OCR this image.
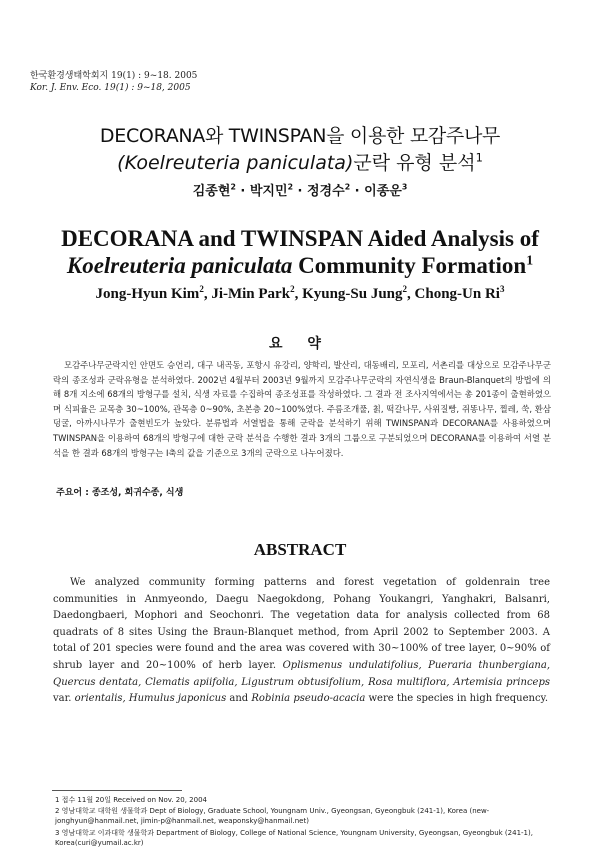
한국환경생태학회지 19(1) : 9~18. 2005
Kor. J. Env. Eco. 19(1) : 9~18, 2005
DECORANA와 TWINSPAN을 이용한 모감주나무
(Koelreuteria paniculata)군락 유형 분석$^1$
김종현$^2$ · 박지민$^2$ · 정경수$^2$ · 이종운$^3$
DECORANA and TWINSPAN Aided Analysis of
Koelreuteria paniculata Community Formation$^1$
Jong-Hyun Kim$^2$, Ji-Min Park$^2$, Kyung-Su Jung$^2$, Chong-Un Ri$^3$
요 약

모감주나무군락지인 안면도 승언리, 대구 내곡동, 포항시 유강리, 양학리, 발산리, 대동배리, 모포리, 서촌리를 대상으로 모감주나무군락의 종조성과 군락유형을 분석하였다. 2002년 4월부터 2003년 9월까지 모감주나무군락의 자연식생을 Braun-Blanquet의 방법에 의해 8개 지소에 68개의 방형구를 설치, 식생 자료를 수집하여 종조성표를 작성하였다. 그 결과 전 조사지역에서는 총 201종이 출현하였으며 식피율은 교목층 30~100%, 관목층 0~90%, 초본층 20~100%였다. 주름조개풀, 칡, 떡갈나무, 사위질빵, 쥐똥나무, 찔레, 쑥, 환삼덩굴, 아까시나무가 출현빈도가 높았다. 분류법과 서열법을 통해 군락을 분석하기 위해 TWINSPAN과 DECORANA를 사용하였으며 TWINSPAN을 이용하여 68개의 방형구에 대한 군락 분석을 수행한 결과 3개의 그룹으로 구분되었으며 DECORANA를 이용하여 서열 분석을 한 결과 68개의 방형구는 I축의 값을 기준으로 3개의 군락으로 나누어졌다.

주요어 : 종조성, 희귀수종, 식생
ABSTRACT

We analyzed community forming patterns and forest vegetation of goldenrain tree communities in Anmyeondo, Daegu Naegokdong, Pohang Youkangri, Yanghakri, Balsanri, Daedongbaeri, Mophori and Seochonri. The vegetation data for analysis collected from 68 quadrats of 8 sites Using the Braun-Blanquet method, from April 2002 to September 2003. A total of 201 species were found and the area was covered with 30~100% of tree layer, 0~90% of shrub layer and 20~100% of herb layer. Oplismenus undulatifolius, Pueraria thunbergiana, Quercus dentata, Clematis apiifolia, Ligustrum obtusifolium, Rosa multiflora, Artemisia princeps var. orientalis, Humulus japonicus and Robinia pseudo-acacia were the species in high frequency.

1 접수 11월 20일 Received on Nov. 20, 2004
2 영남대학교 대학원 생물학과 Dept of Biology, Graduate School, Youngnam Univ., Gyeongsan, Gyeongbuk (241-1), Korea (new-jonghyun@hanmail.net, jimin-p@hanmail.net, weaponsky@hanmail.net)
3 영남대학교 이과대학 생물학과 Department of Biology, College of National Science, Youngnam University, Gyeongsan, Gyeongbuk (241-1), Korea(curi@yumail.ac.kr)
